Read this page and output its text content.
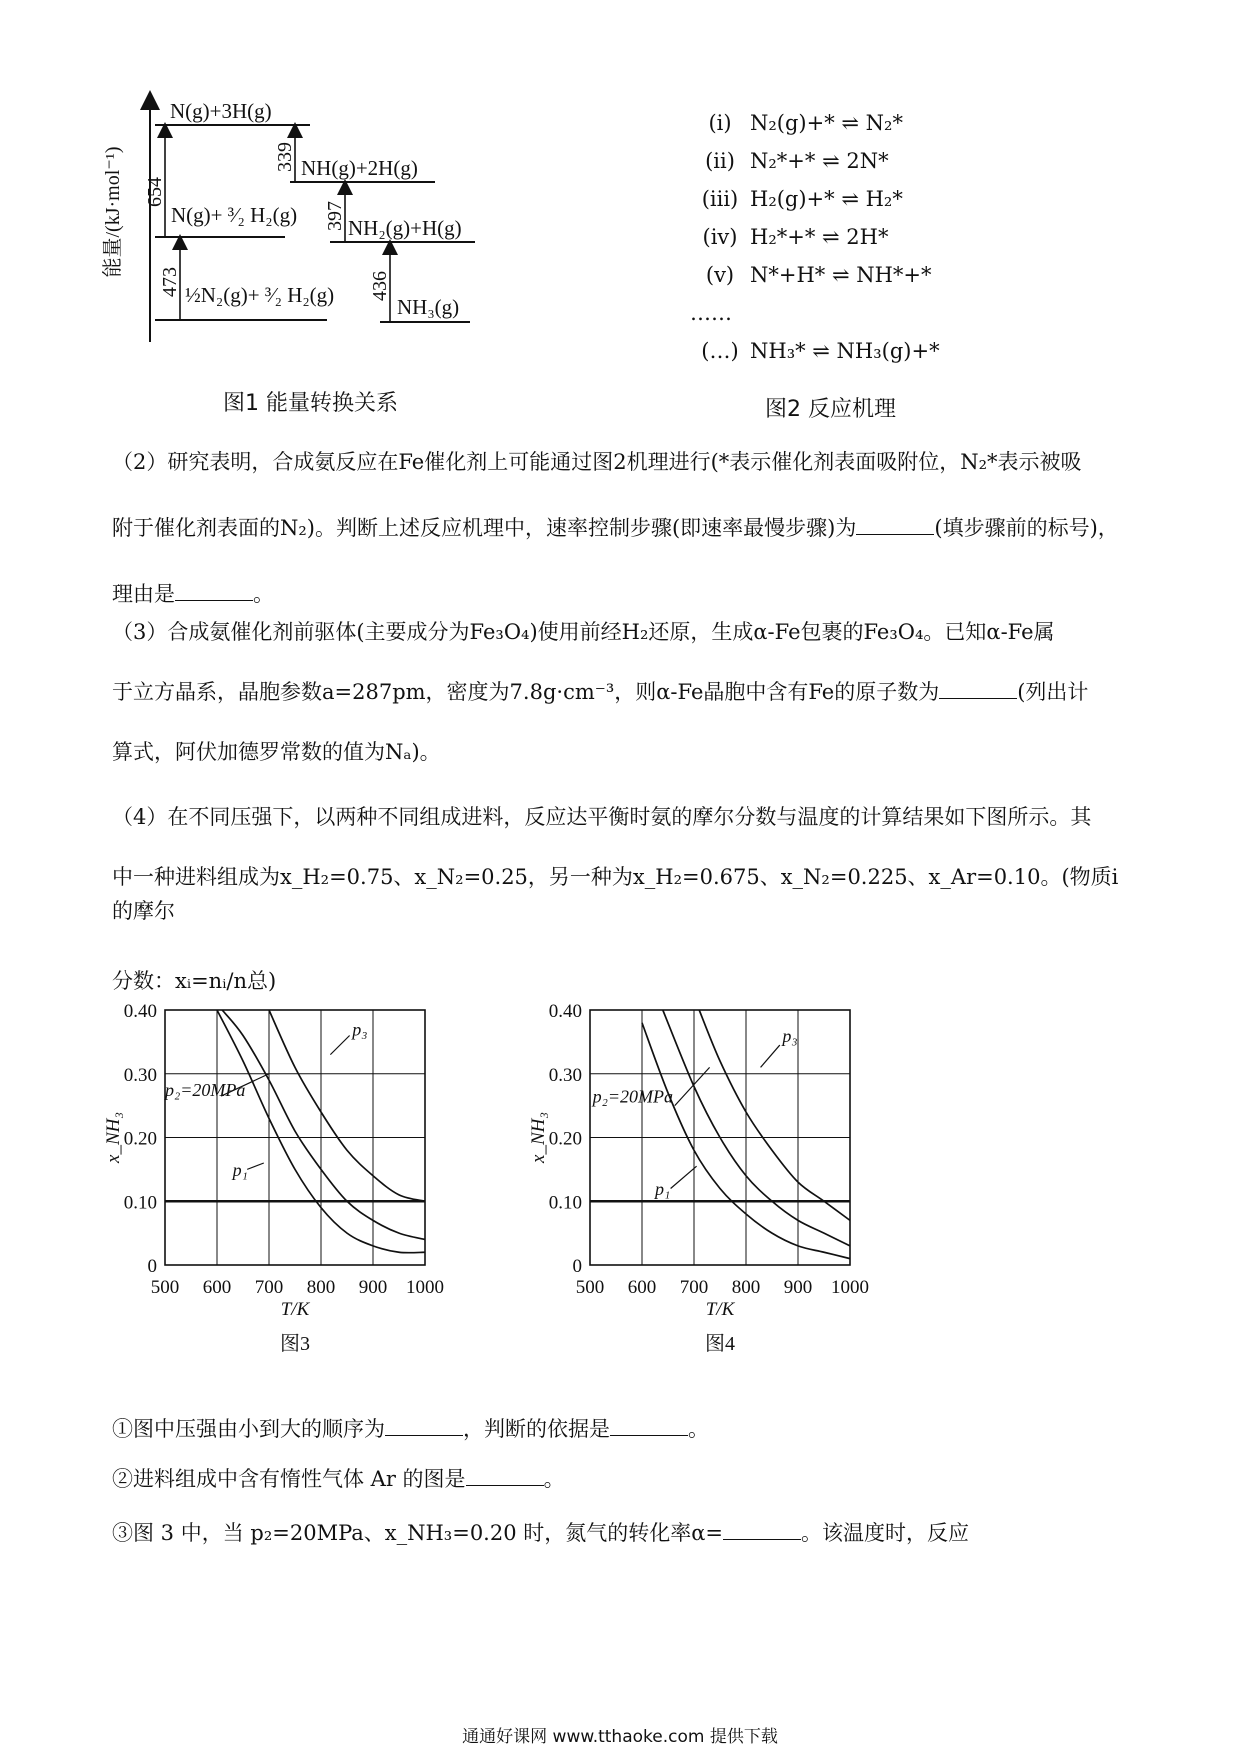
能量/(kJ·mol⁻¹)
N(g)+3H(g)
NH(g)+2H(g)
N(g)+ ³⁄₂ H₂(g)
NH₂(g)+H(g)
½N₂(g)+ ³⁄₂ H₂(g)	NH₃(g)
654
339
397
473	436
图1 能量转换关系
(i) N₂(g)+* ⇌ N₂*
(ii) N₂*+* ⇌ 2N*
(iii) H₂(g)+* ⇌ H₂*
(iv) H₂*+* ⇌ 2H*
(v) N*+H* ⇌ NH*+*
……
(…) NH₃* ⇌ NH₃(g)+*
图2 反应机理
（2）研究表明，合成氨反应在Fe催化剂上可能通过图2机理进行(*表示催化剂表面吸附位，N₂*表示被吸
附于催化剂表面的N₂)。判断上述反应机理中，速率控制步骤(即速率最慢步骤)为	(填步骤前的标号)，
理由是	。
（3）合成氨催化剂前驱体(主要成分为Fe₃O₄)使用前经H₂还原，生成α-Fe包裹的Fe₃O₄。已知α-Fe属
于立方晶系，晶胞参数a=287pm，密度为7.8g·cm⁻³，则α-Fe晶胞中含有Fe的原子数为	(列出计
算式，阿伏加德罗常数的值为Nₐ)。
（4）在不同压强下，以两种不同组成进料，反应达平衡时氨的摩尔分数与温度的计算结果如下图所示。其
中一种进料组成为x_H₂=0.75、x_N₂=0.25，另一种为x_H₂=0.675、x_N₂=0.225、x_Ar=0.10。(物质i的摩尔
分数：xᵢ=nᵢ/n总)
500 600 700 800 900 1000
0
0.10
0.20
0.30
0.40
T/K
x_NH₃
图3
p₁
p₂=20MPa
p₃
500 600 700 800 900 1000
0
0.10
0.20
0.30
0.40
T/K
x_NH₃
图4
p₁
p₂=20MPa
p₃
①图中压强由小到大的顺序为	，判断的依据是	。
②进料组成中含有惰性气体 Ar 的图是	。
③图 3 中，当 p₂=20MPa、x_NH₃=0.20 时，氮气的转化率α=	。该温度时，反应
通通好课网 www.tthaoke.com 提供下载
